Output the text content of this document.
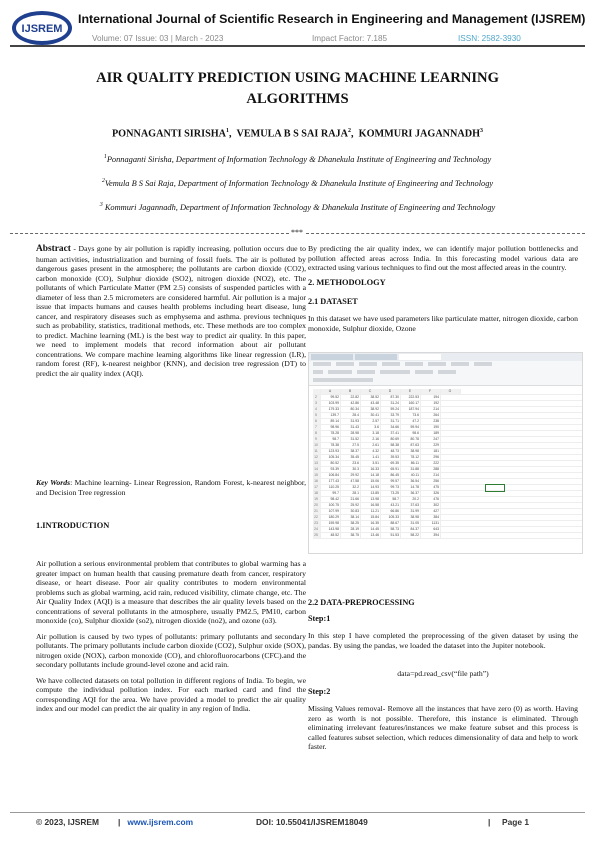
IJSREM
International Journal of Scientific Research in Engineering and Management (IJSREM)
Volume: 07 Issue: 03 | March - 2023	Impact Factor: 7.185	ISSN: 2582-3930
AIR QUALITY PREDICTION USING MACHINE LEARNING
ALGORITHMS
PONNAGANTI SIRISHA$^1$,  VEMULA B S SAI RAJA$^2$,  KOMMURI JAGANNADH$^3$
$^1$Ponnaganti Sirisha, Department of Information Technology & Dhanekula Institute of Engineering and Technology
$^2$Vemula B S Sai Raja, Department of Information Technology & Dhanekula Institute of Engineering and Technology
$^3$ Kommuri Jagannadh, Department of Information Technology & Dhanekula Institute of Engineering and Technology
***

Abstract - Days gone by air pollution is rapidly increasing, pollution occurs due to human activities, industrialization and burning of fossil fuels. The air is polluted by dangerous gases present in the atmosphere; the pollutants are carbon dioxide (CO2), carbon monoxide (CO), Sulphur dioxide (SO2), nitrogen dioxide (NO2), etc. The pollutants of which Particulate Matter (PM 2.5) consists of suspended particles with a diameter of less than 2.5 micrometers are considered harmful. Air pollution is a major issue that impacts humans and causes health problems including heart disease, lung cancer, and respiratory diseases such as emphysema and asthma. previous techniques such as probability, statistics, traditional methods, etc. These methods are too complex to predict. Machine learning (ML) is the best way to predict air quality. In this paper, we need to implement models that record information about air pollutant concentrations. We compare machine learning algorithms like linear regression (LR), random forest (RF), k-nearest neighbor (KNN), and decision tree regression (DT) to predict the air quality index (AQI).

Key Words: Machine learning- Linear Regression, Random Forest, k-nearest neighbor, and Decision Tree regression

1.INTRODUCTION

Air pollution a serious environmental problem that contributes to global warming has a greater impact on human health that causing premature death from cancer, respiratory disease, or heart disease. Poor air quality contributes to modern environmental problems such as global warming, acid rain, reduced visibility, climate change, etc. The Air Quality Index (AQI) is a measure that describes the air quality levels based on the concentrations of several pollutants in the atmosphere, usually PM2.5, PM10, carbon monoxide (co), Sulphur dioxide (so2), nitrogen dioxide (no2), and ozone (o3).

Air pollution is caused by two types of pollutants: primary pollutants and secondary pollutants. The primary pollutants include carbon dioxide (CO2), Sulphur oxide (SOX), nitrogen oxide (NOX), carbon monoxide (CO), and chlorofluorocarbons (CFC).and the secondary pollutants include ground-level ozone and acid rain.

We have collected datasets on total pollution in different regions of India. To begin, we compute the individual pollution index. For each marked card and find the corresponding AQI for the area. We have provided a model to predict the air quality index and our model can predict the air quality in any region of India.

By predicting the air quality index, we can identify major pollution bottlenecks and pollution affected areas across India. In this forecasting model various data are extracted using various techniques to find out the most affected areas in the country.

2. METHODOLOGY
2.1 DATASET

In this dataset we have used parameters like particulate matter, nitrogen dioxide, carbon monoxide, Sulphur dioxide, Ozone

A	B	C	D	E	F	G
2	99.52	22.82	38.52	87.30	222.53	194
3	103.99	42.86	43.48	31.24	160.17	192
4	179.33	80.34	38.92	59.24	187.94	214
5	139.7	28.4	30.41	33.79	73.6	264
6	89.14	31.93	2.57	31.71	47.2	238
7	98.96	31.43	3.6	34.66	59.94	190
8	78.28	28.98	3.18	37.41	98.6	189
9	98.7	31.52	2.16	80.69	80.78	247
10	78.38	27.5	2.61	58.38	87.63	229
11	123.93	38.37	4.32	48.73	38.98	181
12	105.34	35.45	1.41	39.53	78.12	296
13	80.52	23.6	3.51	69.35	86.11	222
14	93.39	30.3	16.33	65.91	31.88	288
15	106.84	29.92	14.18	86.45	40.11	214
16	177.43	47.58	15.06	99.57	36.54	256
17	110.25	32.2	14.93	99.73	14.78	475
18	99.7	28.1	13.85	73.25	36.37	326
19	98.42	21.66	13.98	58.7	20.2	476
20	100.75	25.92	16.58	43.21	37.63	302
21	107.99	30.83	11.21	66.86	31.99	427
22	180.29	38.14	15.84	105.33	38.98	384
23	159.98	38.25	16.35	88.67	31.05	1131
24	143.98	28.19	14.45	58.73	84.37	643
25	48.52	38.75	13.46	51.53	58.22	394
2.2 DATA-PREPROCESSING
Step:1

In this step I have completed the preprocessing of the given dataset by using the pandas. By using the pandas, we loaded the dataset into the Jupiter notebook.

data=pd.read_csv(“file path”)
Step:2

Missing Values removal- Remove all the instances that have zero (0) as worth. Having zero as worth is not possible. Therefore, this instance is eliminated. Through eliminating irrelevant features/instances we make feature subset and this process is called features subset selection, which reduces dimensionality of data and help to work faster.

© 2023, IJSREM |   www.ijsrem.com	DOI: 10.55041/IJSREM18049	|     Page 1
